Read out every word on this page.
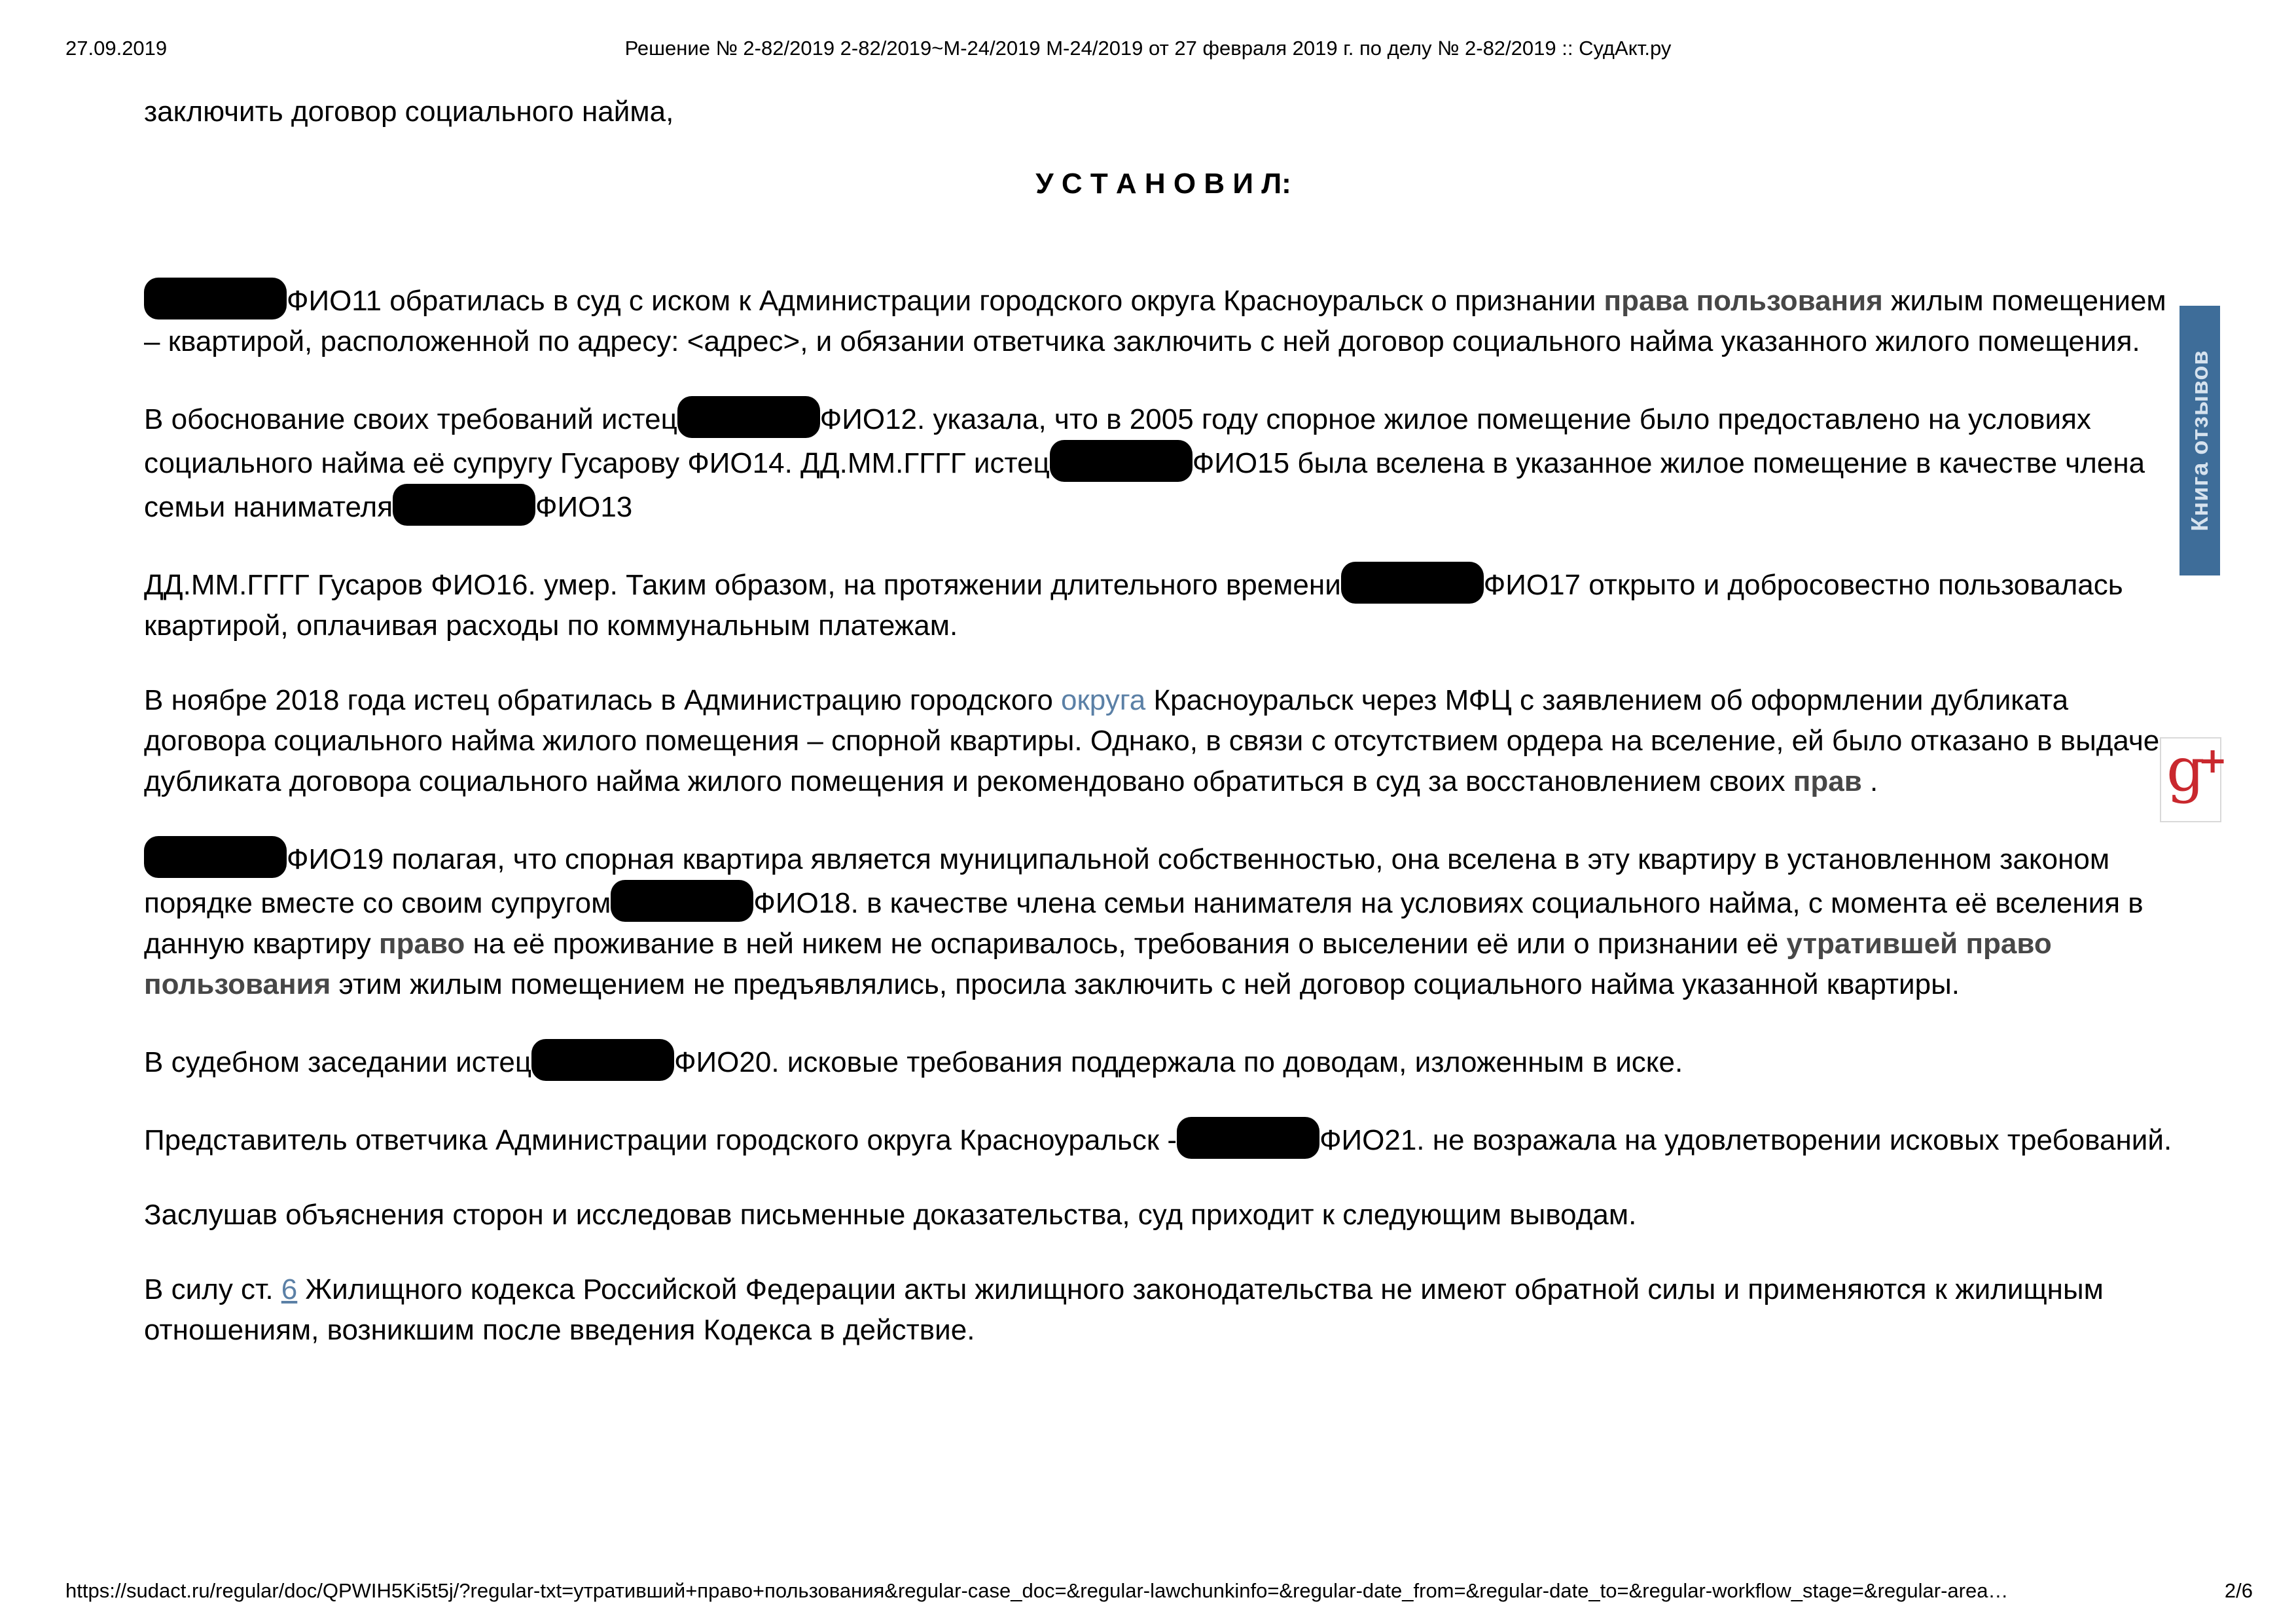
27.09.2019	Решение № 2-82/2019 2-82/2019~М-24/2019 М-24/2019 от 27 февраля 2019 г. по делу № 2-82/2019 :: СудАкт.ру

заключить договор социального найма,

У С Т А Н О В И Л:

ФИО11 обратилась в суд с иском к Администрации городского округа Красноуральск о признании права пользования жилым помещением – квартирой, расположенной по адресу: <адрес>, и обязании ответчика заключить с ней договор социального найма указанного жилого помещения.

В обоснование своих требований истец	ФИО12. указала, что в 2005 году спорное жилое помещение было предоставлено на условиях социального найма её супругу Гусарову ФИО14. ДД.ММ.ГГГГ истец	ФИО15 была вселена в указанное жилое помещение в качестве члена семьи нанимателя	ФИО13

ДД.ММ.ГГГГ Гусаров ФИО16. умер. Таким образом, на протяжении длительного времени	ФИО17 открыто и добросовестно пользовалась квартирой, оплачивая расходы по коммунальным платежам.

В ноябре 2018 года истец обратилась в Администрацию городского округа Красноуральск через МФЦ с заявлением об оформлении дубликата договора социального найма жилого помещения – спорной квартиры. Однако, в связи с отсутствием ордера на вселение, ей было отказано в выдаче дубликата договора социального найма жилого помещения и рекомендовано обратиться в суд за восстановлением своих прав .

ФИО19 полагая, что спорная квартира является муниципальной собственностью, она вселена в эту квартиру в установленном законом порядке вместе со своим супругом	ФИО18. в качестве члена семьи нанимателя на условиях социального найма, с момента её вселения в данную квартиру право на её проживание в ней никем не оспаривалось, требования о выселении её или о признании её утратившей право пользования этим жилым помещением не предъявлялись, просила заключить с ней договор социального найма указанной квартиры.

В судебном заседании истец	ФИО20. исковые требования поддержала по доводам, изложенным в иске.

Представитель ответчика Администрации городского округа Красноуральск -	ФИО21. не возражала на удовлетворении исковых требований.

Заслушав объяснения сторон и исследовав письменные доказательства, суд приходит к следующим выводам.

В силу ст. 6 Жилищного кодекса Российской Федерации акты жилищного законодательства не имеют обратной силы и применяются к жилищным отношениям, возникшим после введения Кодекса в действие.

Книга отзывов
g
+
https://sudact.ru/regular/doc/QPWIH5Ki5t5j/?regular-txt=утративший+право+пользования&regular-case_doc=&regular-lawchunkinfo=&regular-date_from=&regular-date_to=&regular-workflow_stage=&regular-area…	2/6
